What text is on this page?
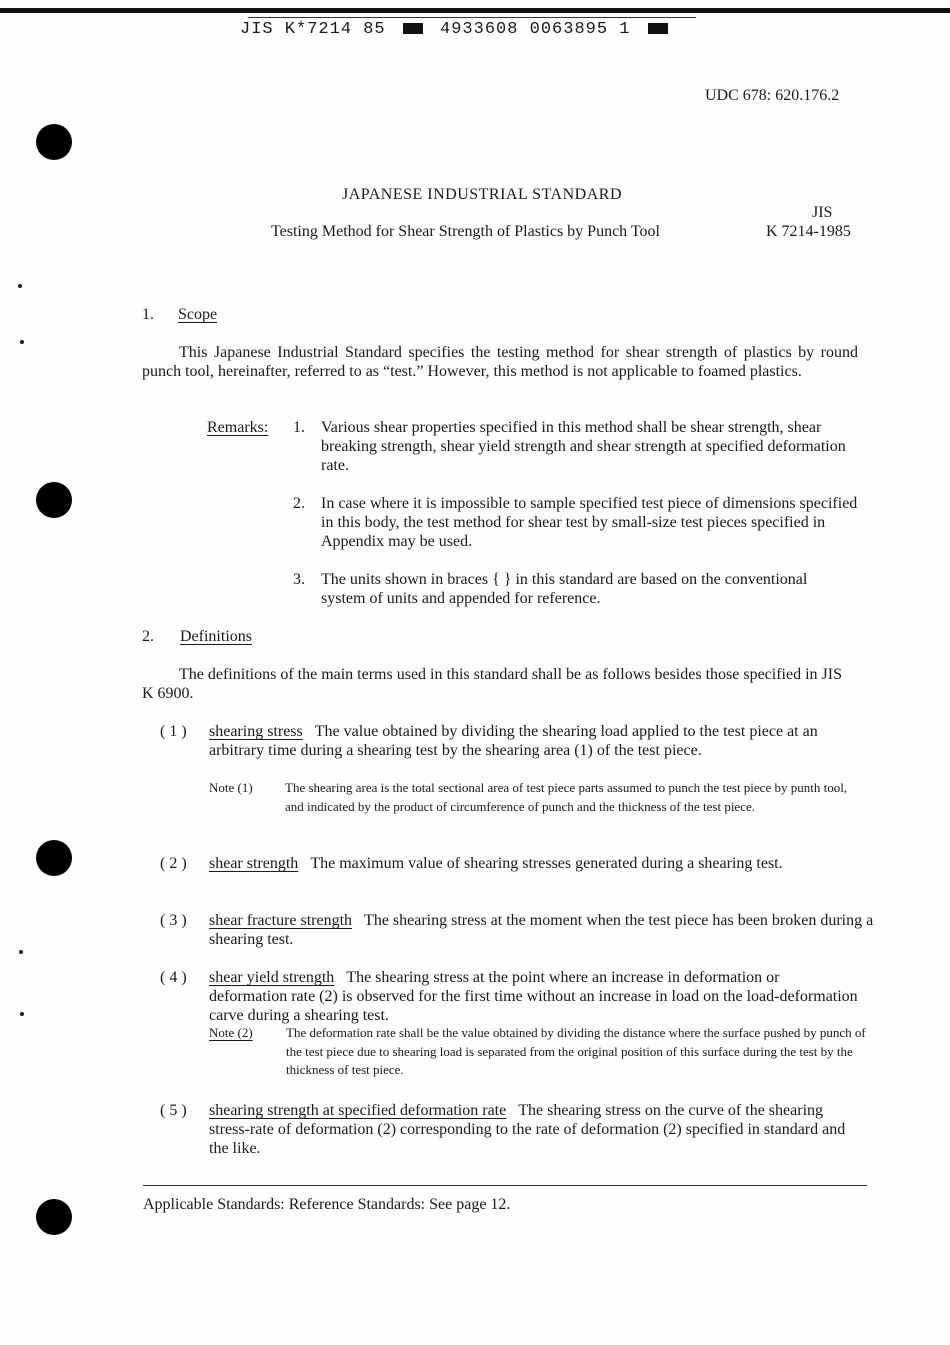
JIS K*7214 85	4933608 0063895 1
UDC 678: 620.176.2
JAPANESE INDUSTRIAL STANDARD
JIS
Testing Method for Shear Strength of Plastics by Punch Tool	K 7214-1985
1. Scope
This Japanese Industrial Standard specifies the testing method for shear strength of plastics by round punch tool, hereinafter, referred to as “test.” However, this method is not applicable to foamed plastics.
Remarks: 1. Various shear properties specified in this method shall be shear strength, shear breaking strength, shear yield strength and shear strength at specified deformation rate.
2. In case where it is impossible to sample specified test piece of dimensions specified in this body, the test method for shear test by small-size test pieces specified in Appendix may be used.
3. The units shown in braces { } in this standard are based on the conventional system of units and appended for reference.
2. Definitions
The definitions of the main terms used in this standard shall be as follows besides those specified in JIS K 6900.
( 1 ) shearing stress The value obtained by dividing the shearing load applied to the test piece at an arbitrary time during a shearing test by the shearing area (1) of the test piece.
Note (1) The shearing area is the total sectional area of test piece parts assumed to punch the test piece by punth tool, and indicated by the product of circumference of punch and the thickness of the test piece.
( 2 ) shear strength The maximum value of shearing stresses generated during a shearing test.
( 3 ) shear fracture strength The shearing stress at the moment when the test piece has been broken during a shearing test.
( 4 ) shear yield strength The shearing stress at the point where an increase in deformation or deformation rate (2) is observed for the first time without an increase in load on the load-deformation carve during a shearing test.
Note (2)	The deformation rate shall be the value obtained by dividing the distance where the surface pushed by punch of the test piece due to shearing load is separated from the original position of this surface during the test by the thickness of test piece.
( 5 ) shearing strength at specified deformation rate The shearing stress on the curve of the shearing stress-rate of deformation (2) corresponding to the rate of deformation (2) specified in standard and the like.
Applicable Standards: Reference Standards: See page 12.
